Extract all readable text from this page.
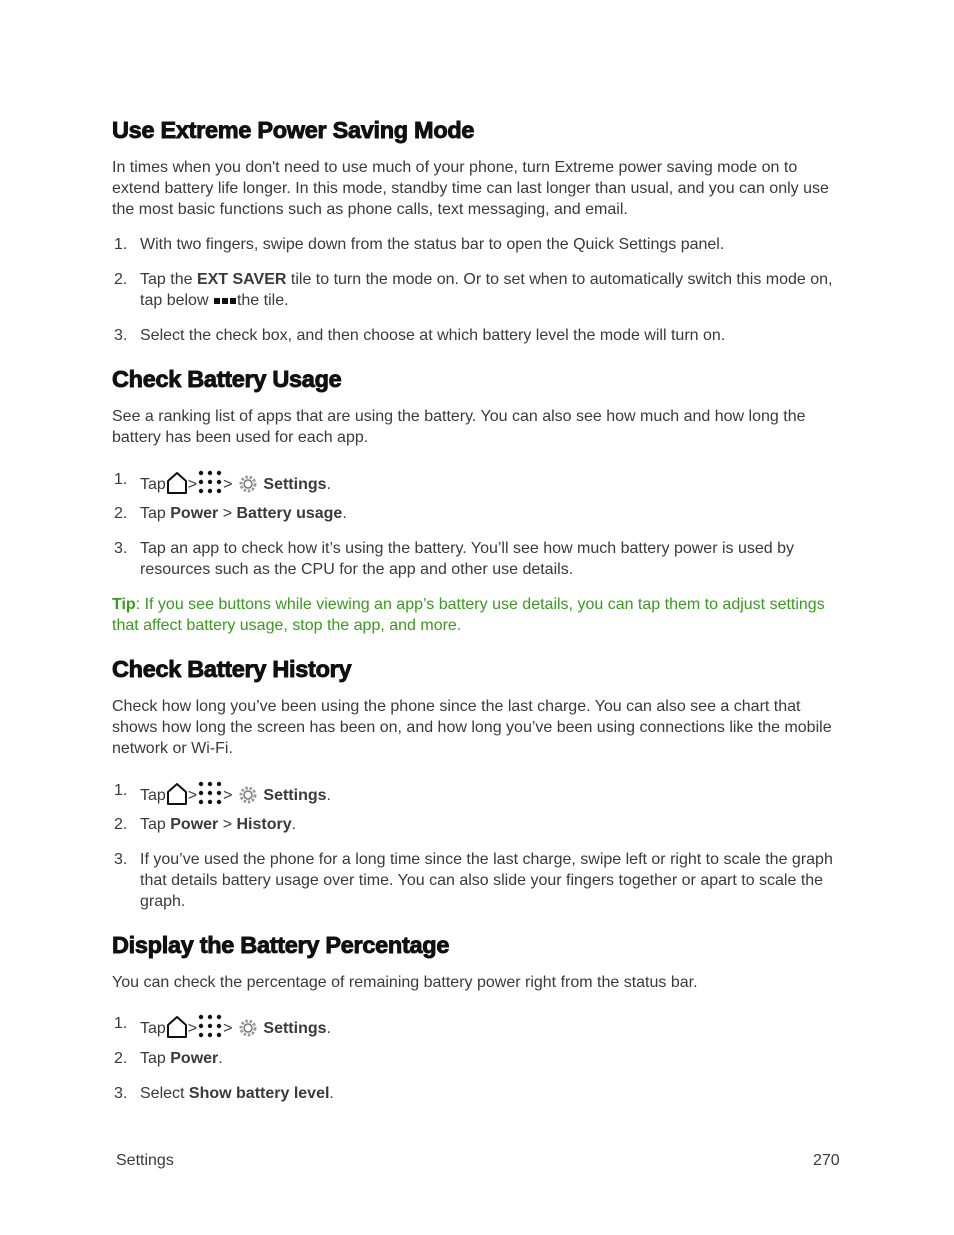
Use Extreme Power Saving Mode

In times when you don't need to use much of your phone, turn Extreme power saving mode on to extend battery life longer. In this mode, standby time can last longer than usual, and you can only use the most basic functions such as phone calls, text messaging, and email.

1. With two fingers, swipe down from the status bar to open the Quick Settings panel.
2. Tap the EXT SAVER tile to turn the mode on. Or to set when to automatically switch this mode on, tap below the tile.
3. Select the check box, and then choose at which battery level the mode will turn on.
Check Battery Usage

See a ranking list of apps that are using the battery. You can also see how much and how long the battery has been used for each app.

1. Tap > > Settings.
2. Tap Power > Battery usage.
3. Tap an app to check how it’s using the battery. You’ll see how much battery power is used by resources such as the CPU for the app and other use details.
Tip: If you see buttons while viewing an app’s battery use details, you can tap them to adjust settings that affect battery usage, stop the app, and more.
Check Battery History

Check how long you’ve been using the phone since the last charge. You can also see a chart that shows how long the screen has been on, and how long you’ve been using connections like the mobile network or Wi-Fi.

1. Tap > > Settings.
2. Tap Power > History.
3. If you’ve used the phone for a long time since the last charge, swipe left or right to scale the graph that details battery usage over time. You can also slide your fingers together or apart to scale the graph.
Display the Battery Percentage

You can check the percentage of remaining battery power right from the status bar.

1. Tap > > Settings.
2. Tap Power.
3. Select Show battery level.
Settings	270
